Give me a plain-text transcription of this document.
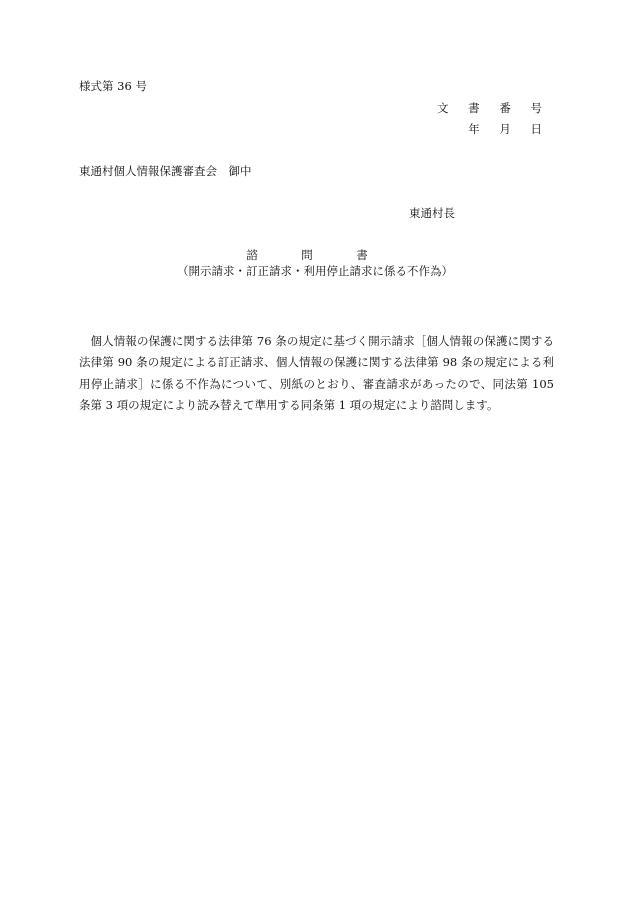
様式第 36 号
文 書 番 号
年 月 日
東通村個人情報保護審査会　御中
東通村長
諮　問　書
（開示請求・訂正請求・利用停止請求に係る不作為）

個人情報の保護に関する法律第 76 条の規定に基づく開示請求［個人情報の保護に関する法律第 90 条の規定による訂正請求、個人情報の保護に関する法律第 98 条の規定による利用停止請求］に係る不作為について、別紙のとおり、審査請求があったので、同法第 105 条第 3 項の規定により読み替えて準用する同条第 1 項の規定により諮問します。
